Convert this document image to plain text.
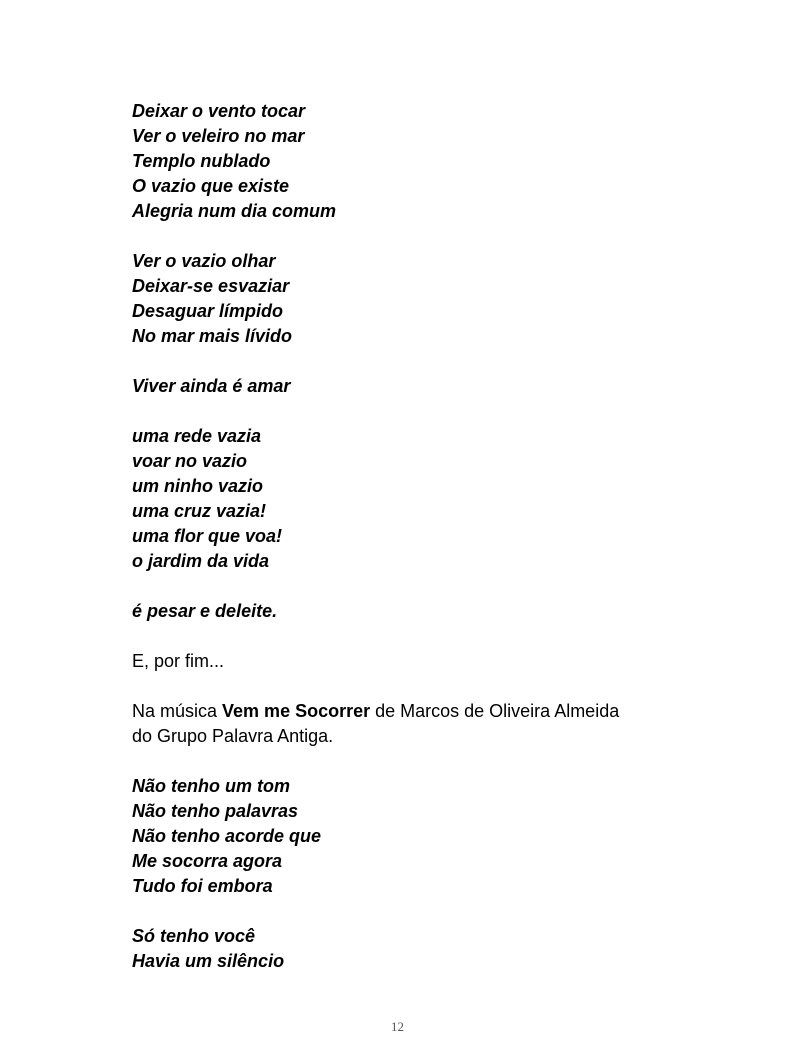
Deixar o vento tocar
Ver o veleiro no mar
Templo nublado
O vazio que existe
Alegria num dia comum
Ver o vazio olhar
Deixar-se esvaziar
Desaguar límpido
No mar mais lívido
Viver ainda é amar
uma rede vazia
voar no vazio
um ninho vazio
uma cruz vazia!
uma flor que voa!
o jardim da vida
é pesar e deleite.
E, por fim...
Na música Vem me Socorrer de Marcos de Oliveira Almeida
do Grupo Palavra Antiga.
Não tenho um tom
Não tenho palavras
Não tenho acorde que
Me socorra agora
Tudo foi embora
Só tenho você
Havia um silêncio
12
